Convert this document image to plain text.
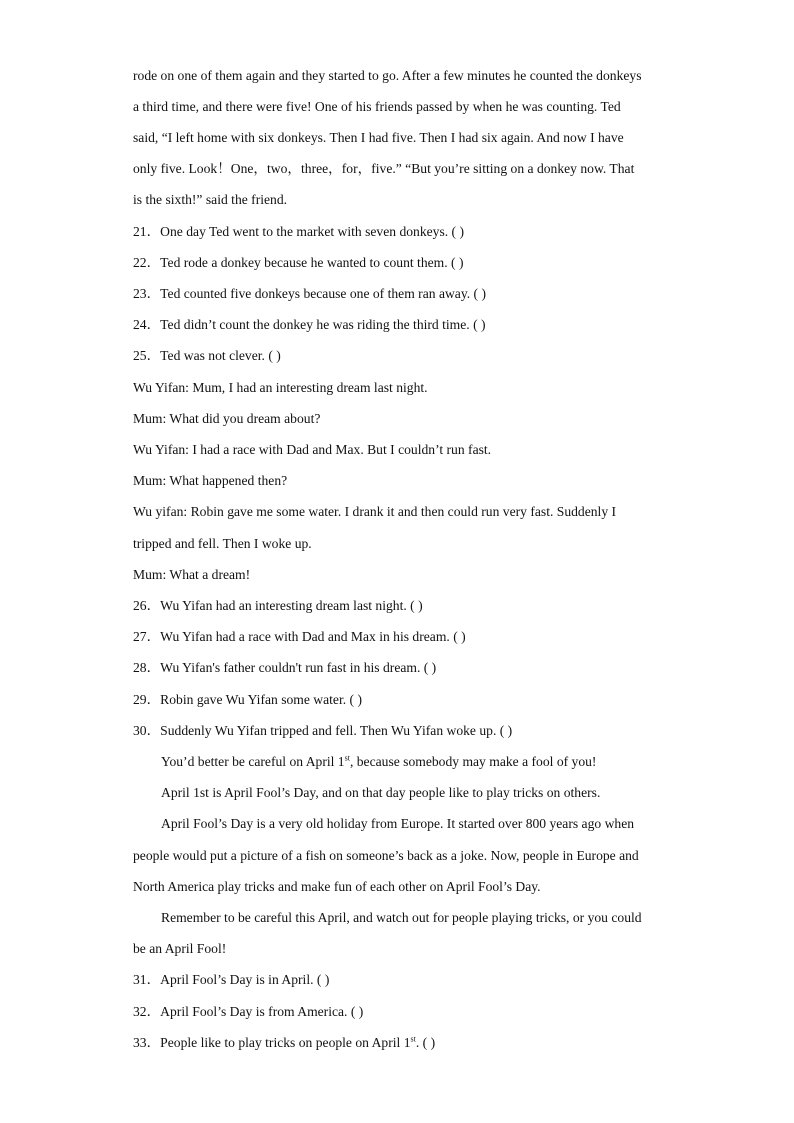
rode on one of them again and they started to go. After a few minutes he counted the donkeys
a third time, and there were five! One of his friends passed by when he was counting. Ted
said, “I left home with six donkeys. Then I had five. Then I had six again. And now I have
only five. Look！One，two，three，for，five.” “But you’re sitting on a donkey now. That
is the sixth!” said the friend.
21．One day Ted went to the market with seven donkeys. ( )
22．Ted rode a donkey because he wanted to count them. ( )
23．Ted counted five donkeys because one of them ran away. ( )
24．Ted didn’t count the donkey he was riding the third time. ( )
25．Ted was not clever. ( )
Wu Yifan: Mum, I had an interesting dream last night.
Mum: What did you dream about?
Wu Yifan: I had a race with Dad and Max. But I couldn’t run fast.
Mum: What happened then?
Wu yifan: Robin gave me some water. I drank it and then could run very fast. Suddenly I
tripped and fell. Then I woke up.
Mum: What a dream!
26．Wu Yifan had an interesting dream last night. ( )
27．Wu Yifan had a race with Dad and Max in his dream. ( )
28．Wu Yifan's father couldn't run fast in his dream. ( )
29．Robin gave Wu Yifan some water. ( )
30．Suddenly Wu Yifan tripped and fell. Then Wu Yifan woke up. ( )
You’d better be careful on April 1st, because somebody may make a fool of you!
April 1st is April Fool’s Day, and on that day people like to play tricks on others.
April Fool’s Day is a very old holiday from Europe. It started over 800 years ago when
people would put a picture of a fish on someone’s back as a joke. Now, people in Europe and
North America play tricks and make fun of each other on April Fool’s Day.
Remember to be careful this April, and watch out for people playing tricks, or you could
be an April Fool!
31．April Fool’s Day is in April. ( )
32．April Fool’s Day is from America. ( )
33．People like to play tricks on people on April 1st. ( )
